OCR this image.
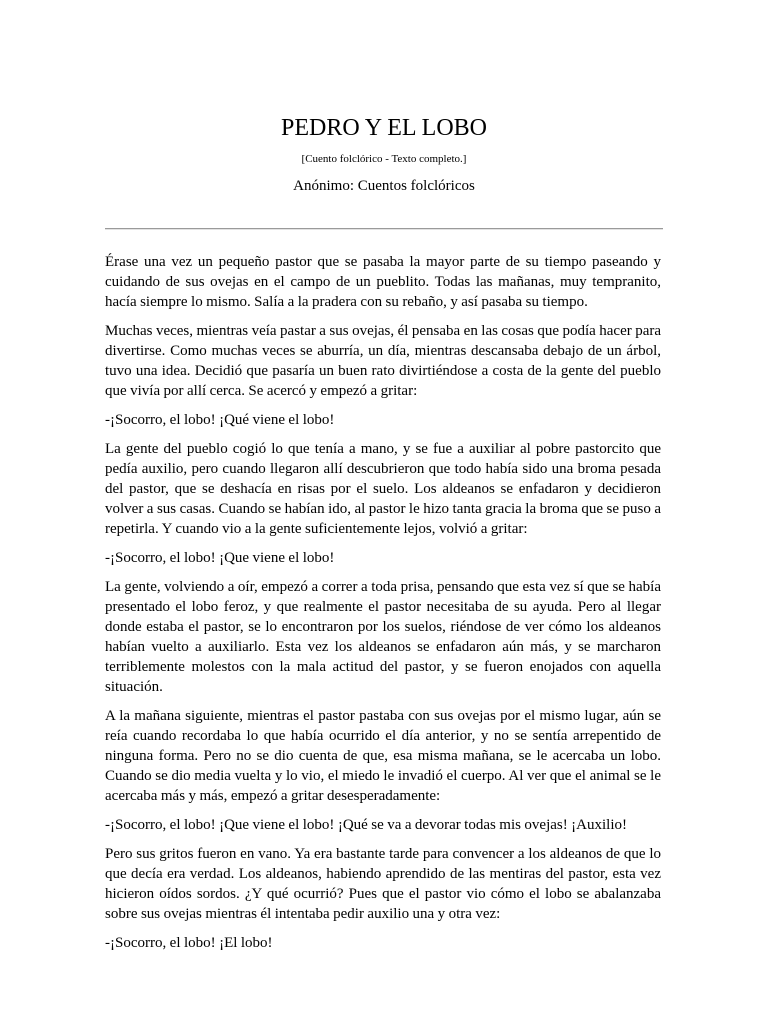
PEDRO Y EL LOBO
[Cuento folclórico - Texto completo.]
Anónimo: Cuentos folclóricos

Érase una vez un pequeño pastor que se pasaba la mayor parte de su tiempo paseando y cuidando de sus ovejas en el campo de un pueblito. Todas las mañanas, muy tempranito, hacía siempre lo mismo. Salía a la pradera con su rebaño, y así pasaba su tiempo.

Muchas veces, mientras veía pastar a sus ovejas, él pensaba en las cosas que podía hacer para divertirse. Como muchas veces se aburría, un día, mientras descansaba debajo de un árbol, tuvo una idea. Decidió que pasaría un buen rato divirtiéndose a costa de la gente del pueblo que vivía por allí cerca. Se acercó y empezó a gritar:

-¡Socorro, el lobo! ¡Qué viene el lobo!

La gente del pueblo cogió lo que tenía a mano, y se fue a auxiliar al pobre pastorcito que pedía auxilio, pero cuando llegaron allí descubrieron que todo había sido una broma pesada del pastor, que se deshacía en risas por el suelo. Los aldeanos se enfadaron y decidieron volver a sus casas. Cuando se habían ido, al pastor le hizo tanta gracia la broma que se puso a repetirla. Y cuando vio a la gente suficientemente lejos, volvió a gritar:

-¡Socorro, el lobo! ¡Que viene el lobo!

La gente, volviendo a oír, empezó a correr a toda prisa, pensando que esta vez sí que se había presentado el lobo feroz, y que realmente el pastor necesitaba de su ayuda. Pero al llegar donde estaba el pastor, se lo encontraron por los suelos, riéndose de ver cómo los aldeanos habían vuelto a auxiliarlo. Esta vez los aldeanos se enfadaron aún más, y se marcharon terriblemente molestos con la mala actitud del pastor, y se fueron enojados con aquella situación.

A la mañana siguiente, mientras el pastor pastaba con sus ovejas por el mismo lugar, aún se reía cuando recordaba lo que había ocurrido el día anterior, y no se sentía arrepentido de ninguna forma. Pero no se dio cuenta de que, esa misma mañana, se le acercaba un lobo. Cuando se dio media vuelta y lo vio, el miedo le invadió el cuerpo. Al ver que el animal se le acercaba más y más, empezó a gritar desesperadamente:

-¡Socorro, el lobo! ¡Que viene el lobo! ¡Qué se va a devorar todas mis ovejas! ¡Auxilio!

Pero sus gritos fueron en vano. Ya era bastante tarde para convencer a los aldeanos de que lo que decía era verdad. Los aldeanos, habiendo aprendido de las mentiras del pastor, esta vez hicieron oídos sordos. ¿Y qué ocurrió? Pues que el pastor vio cómo el lobo se abalanzaba sobre sus ovejas mientras él intentaba pedir auxilio una y otra vez:

-¡Socorro, el lobo! ¡El lobo!
